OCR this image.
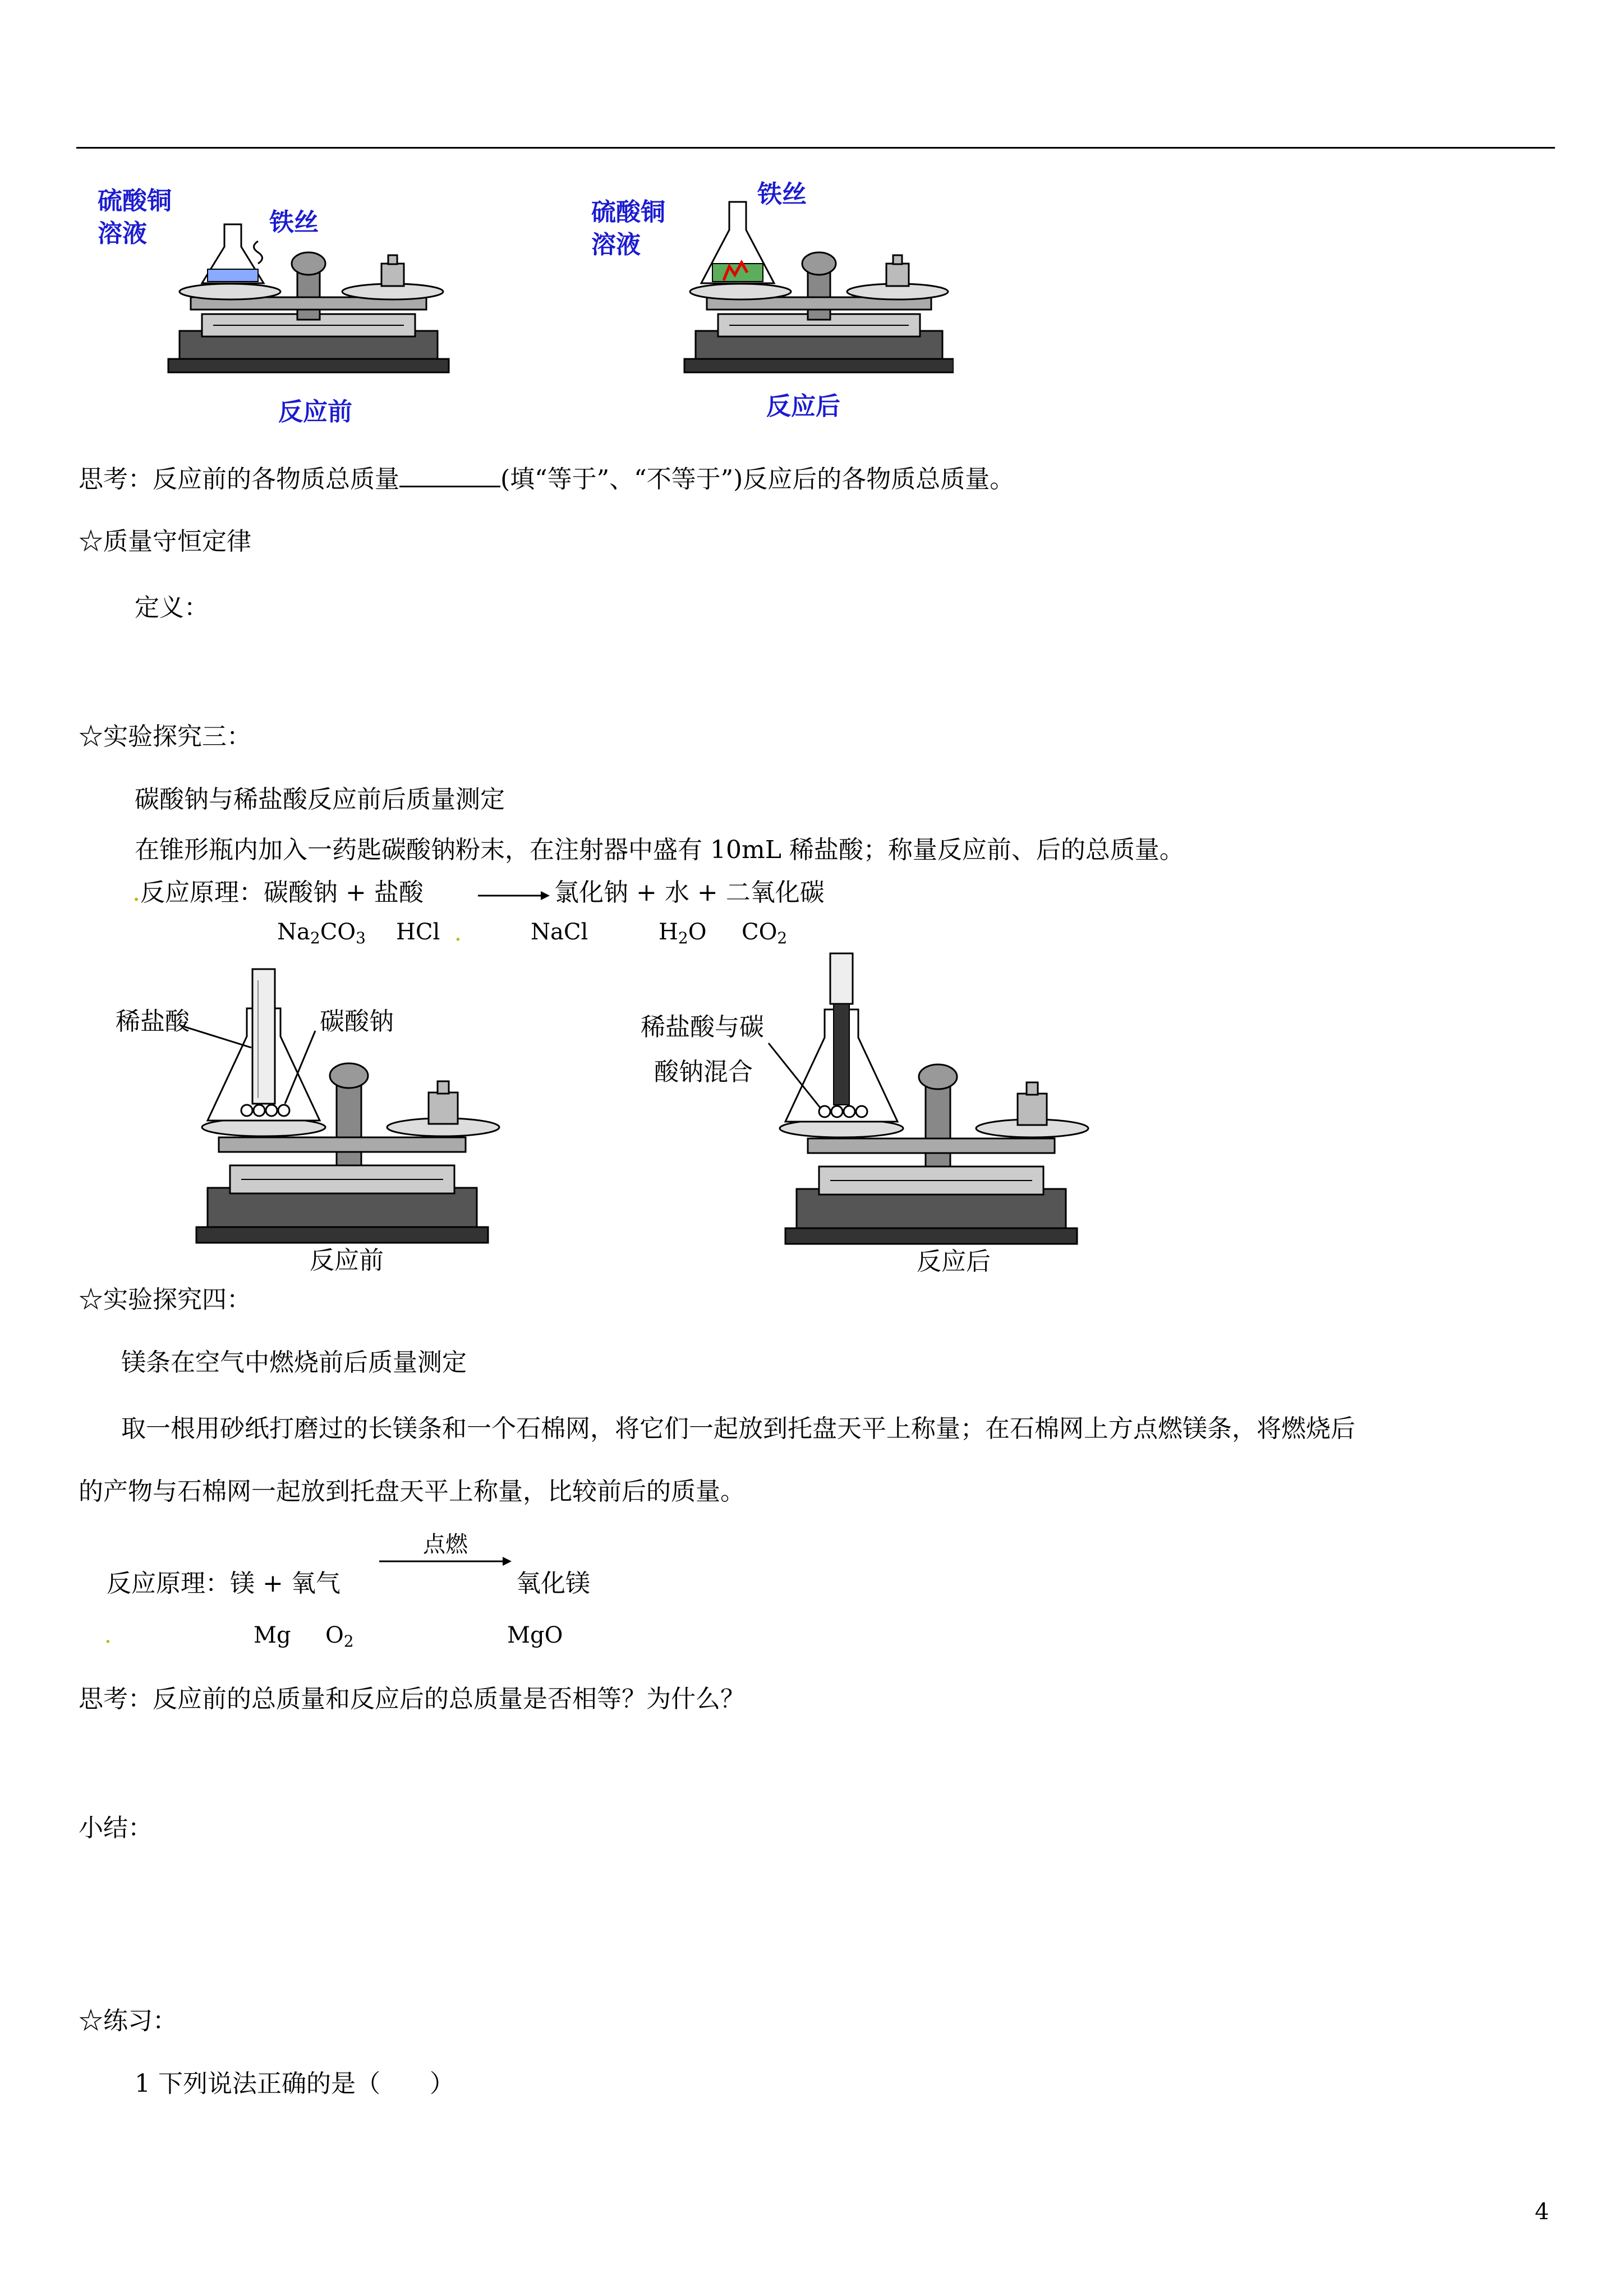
硫酸铜
溶液	铁丝
反应前
硫酸铜
溶液
铁丝
反应后
思考：反应前的各物质总质量	(填“等于”、“不等于”)反应后的各物质总质量。
☆质量守恒定律
定义：
☆实验探究三：
碳酸钠与稀盐酸反应前后质量测定
在锥形瓶内加入一药匙碳酸钠粉末，在注射器中盛有 10mL 稀盐酸；称量反应前、后的总质量。
.反应原理：碳酸钠 + 盐酸	氯化钠 + 水 + 二氧化碳
$Na_2CO_3$ HCl .	NaCl	$H_2O$ $CO_2$
稀盐酸	碳酸钠
反应前
稀盐酸与碳
酸钠混合
反应后
☆实验探究四：
镁条在空气中燃烧前后质量测定
取一根用砂纸打磨过的长镁条和一个石棉网，将它们一起放到托盘天平上称量；在石棉网上方点燃镁条，将燃烧后
的产物与石棉网一起放到托盘天平上称量，比较前后的质量。
点燃
反应原理：镁 + 氧气	氧化镁
.	Mg $O_2$	MgO
思考：反应前的总质量和反应后的总质量是否相等？为什么？
小结：
☆练习：
1 下列说法正确的是（　　）
4
